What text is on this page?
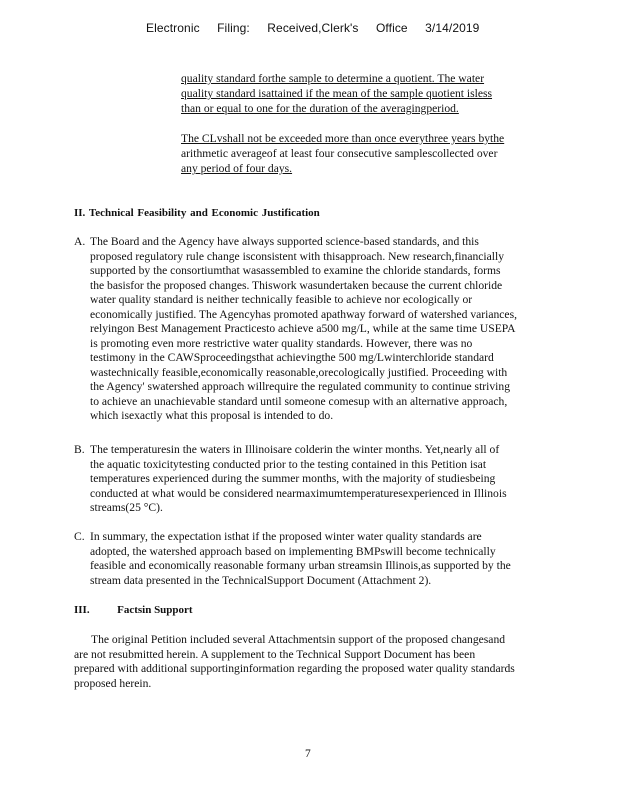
Electronic Filing: Received,Clerk's Office 3/14/2019
quality standard forthe sample to determine a quotient. The water
quality standard isattained if the mean of the sample quotient isless
than or equal to one for the duration of the averagingperiod.
The CLvshall not be exceeded more than once everythree years bythe
arithmetic averageof at least four consecutive samplescollected over
any period of four days.
II. Technical Feasibility and Economic Justification
A. The Board and the Agency have always supported science-based standards, and this
proposed regulatory rule change isconsistent with thisapproach. New research,financially
supported by the consortiumthat wasassembled to examine the chloride standards, forms
the basisfor the proposed changes. Thiswork wasundertaken because the current chloride
water quality standard is neither technically feasible to achieve nor ecologically or
economically justified. The Agencyhas promoted apathway forward of watershed variances,
relyingon Best Management Practicesto achieve a500 mg/L, while at the same time USEPA
is promoting even more restrictive water quality standards. However, there was no
testimony in the CAWSproceedingsthat achievingthe 500 mg/Lwinterchloride standard
wastechnically feasible,economically reasonable,orecologically justified. Proceeding with
the Agency' swatershed approach willrequire the regulated community to continue striving
to achieve an unachievable standard until someone comesup with an alternative approach,
which isexactly what this proposal is intended to do.
B. The temperaturesin the waters in Illinoisare colderin the winter months. Yet,nearly all of
the aquatic toxicitytesting conducted prior to the testing contained in this Petition isat
temperatures experienced during the summer months, with the majority of studiesbeing
conducted at what would be considered nearmaximumtemperaturesexperienced in Illinois
streams(25 °C).
C. In summary, the expectation isthat if the proposed winter water quality standards are
adopted, the watershed approach based on implementing BMPswill become technically
feasible and economically reasonable formany urban streamsin Illinois,as supported by the
stream data presented in the TechnicalSupport Document (Attachment 2).
III.	Factsin Support
The original Petition included several Attachmentsin support of the proposed changesand
are not resubmitted herein. A supplement to the Technical Support Document has been
prepared with additional supportinginformation regarding the proposed water quality standards
proposed herein.
7
